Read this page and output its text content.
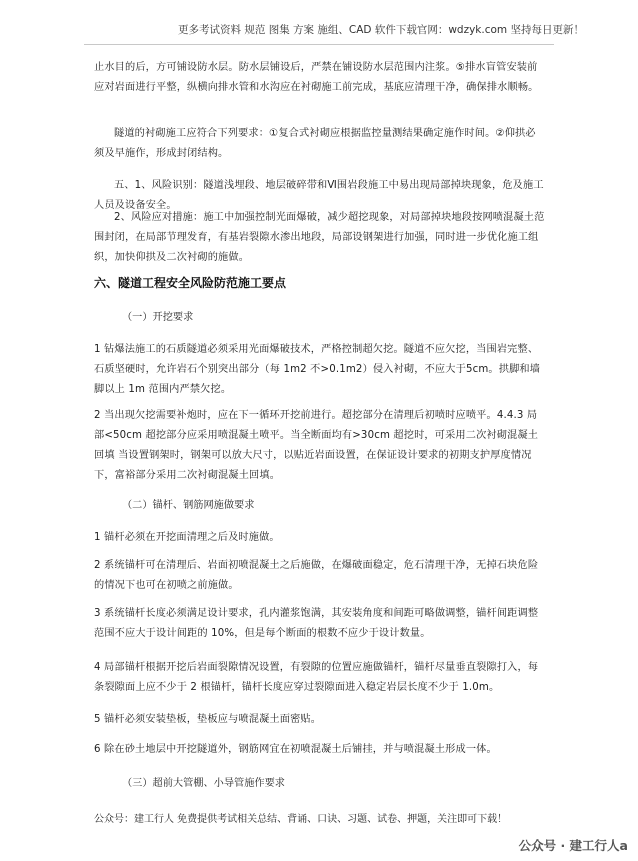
更多考试资料 规范 图集 方案 施组、CAD 软件下载官网：wdzyk.com 坚持每日更新！

止水目的后，方可铺设防水层。防水层铺设后，严禁在铺设防水层范围内注浆。⑤排水盲管安装前应对岩面进行平整，纵横向排水管和水沟应在衬砌施工前完成，基底应清理干净，确保排水顺畅。

隧道的衬砌施工应符合下列要求：①复合式衬砌应根据监控量测结果确定施作时间。②仰拱必须及早施作，形成封闭结构。

五、1、风险识别：隧道浅埋段、地层破碎带和Ⅵ围岩段施工中易出现局部掉块现象，危及施工人员及设备安全。

2、风险应对措施：施工中加强控制光面爆破，减少超挖现象，对局部掉块地段按网喷混凝土范围封闭，在局部节理发育，有基岩裂隙水渗出地段，局部设钢架进行加强，同时进一步优化施工组织，加快仰拱及二次衬砌的施做。

六、隧道工程安全风险防范施工要点
（一）开挖要求

1 钻爆法施工的石质隧道必须采用光面爆破技术，严格控制超欠挖。隧道不应欠挖，当围岩完整、石质坚硬时，允许岩石个别突出部分（每 1m2 不>0.1m2）侵入衬砌，不应大于5cm。拱脚和墙脚以上 1m 范围内严禁欠挖。

2 当出现欠挖需要补炮时，应在下一循环开挖前进行。超挖部分在清理后初喷时应喷平。4.4.3 局部<50cm 超挖部分应采用喷混凝土喷平。当全断面均有>30cm 超挖时，可采用二次衬砌混凝土回填 当设置钢架时，钢架可以放大尺寸，以贴近岩面设置，在保证设计要求的初期支护厚度情况下，富裕部分采用二次衬砌混凝土回填。

（二）锚杆、钢筋网施做要求

1 锚杆必须在开挖面清理之后及时施做。

2 系统锚杆可在清理后、岩面初喷混凝土之后施做，在爆破面稳定，危石清理干净，无掉石块危险的情况下也可在初喷之前施做。

3 系统锚杆长度必须满足设计要求，孔内灌浆饱满，其安装角度和间距可略做调整，锚杆间距调整范围不应大于设计间距的 10%，但是每个断面的根数不应少于设计数量。

4 局部锚杆根据开挖后岩面裂隙情况设置，有裂隙的位置应施做锚杆，锚杆尽量垂直裂隙打入，每条裂隙面上应不少于 2 根锚杆，锚杆长度应穿过裂隙面进入稳定岩层长度不少于 1.0m。

5 锚杆必须安装垫板，垫板应与喷混凝土面密贴。

6 除在砂土地层中开挖隧道外，钢筋网宜在初喷混凝土后铺挂，并与喷混凝土形成一体。

（三）超前大管棚、小导管施作要求
公众号：建工行人 免费提供考试相关总结、背诵、口诀、习题、试卷、押题，关注即可下载！
公众号 · 建工行人a
